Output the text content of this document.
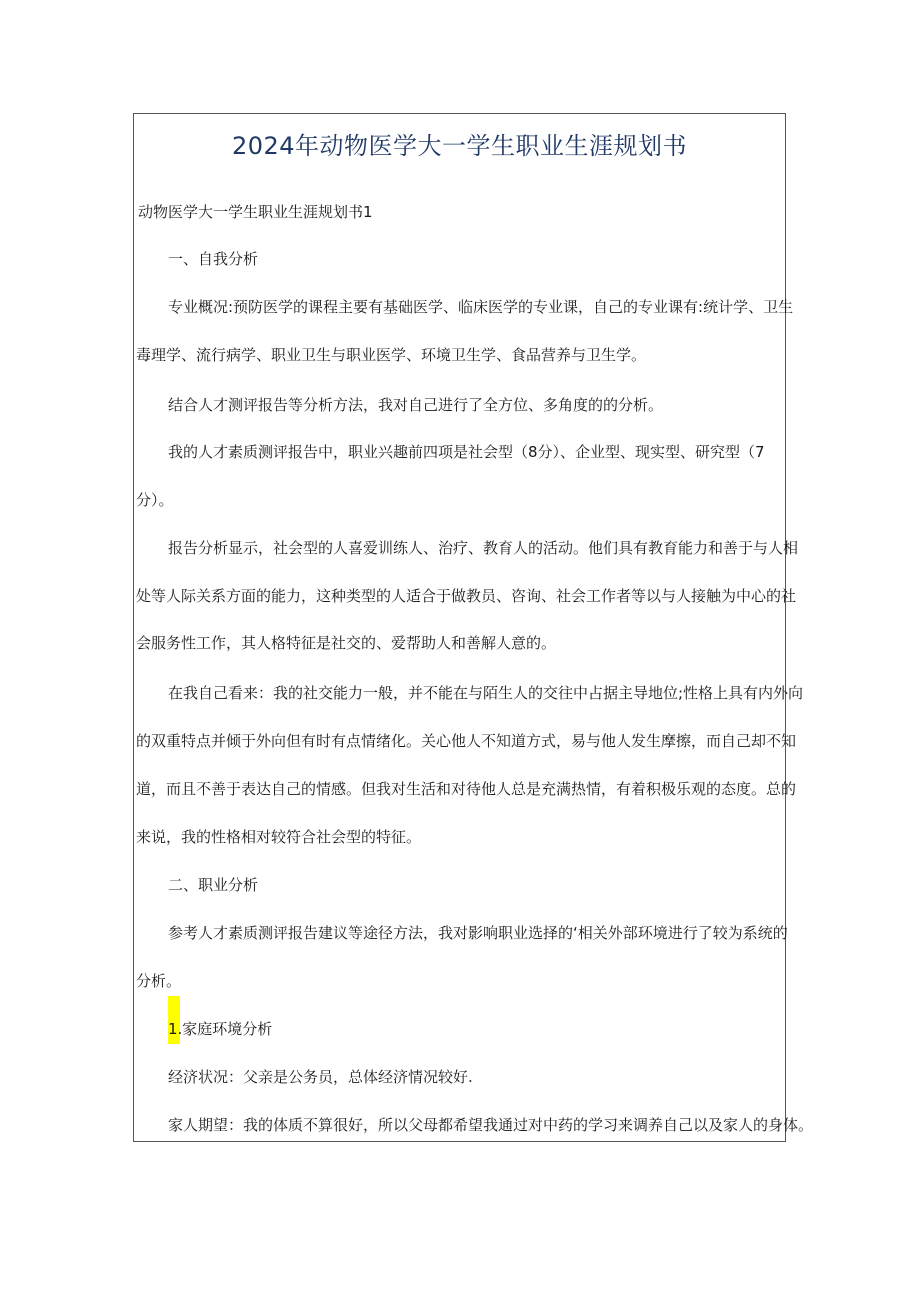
2024年动物医学大一学生职业生涯规划书
动物医学大一学生职业生涯规划书1
一、自我分析
专业概况:预防医学的课程主要有基础医学、临床医学的专业课，自己的专业课有:统计学、卫生
毒理学、流行病学、职业卫生与职业医学、环境卫生学、食品营养与卫生学。
结合人才测评报告等分析方法，我对自己进行了全方位、多角度的的分析。
我的人才素质测评报告中，职业兴趣前四项是社会型（8分）、企业型、现实型、研究型（7
分）。
报告分析显示，社会型的人喜爱训练人、治疗、教育人的活动。他们具有教育能力和善于与人相
处等人际关系方面的能力，这种类型的人适合于做教员、咨询、社会工作者等以与人接触为中心的社
会服务性工作，其人格特征是社交的、爱帮助人和善解人意的。
在我自己看来：我的社交能力一般，并不能在与陌生人的交往中占据主导地位;性格上具有内外向
的双重特点并倾于外向但有时有点情绪化。关心他人不知道方式，易与他人发生摩擦，而自己却不知
道，而且不善于表达自己的情感。但我对生活和对待他人总是充满热情，有着积极乐观的态度。总的
来说，我的性格相对较符合社会型的特征。
二、职业分析
参考人才素质测评报告建议等途径方法，我对影响职业选择的‘相关外部环境进行了较为系统的
分析。
1.家庭环境分析
经济状况：父亲是公务员，总体经济情况较好.
家人期望：我的体质不算很好，所以父母都希望我通过对中药的学习来调养自己以及家人的身体。
